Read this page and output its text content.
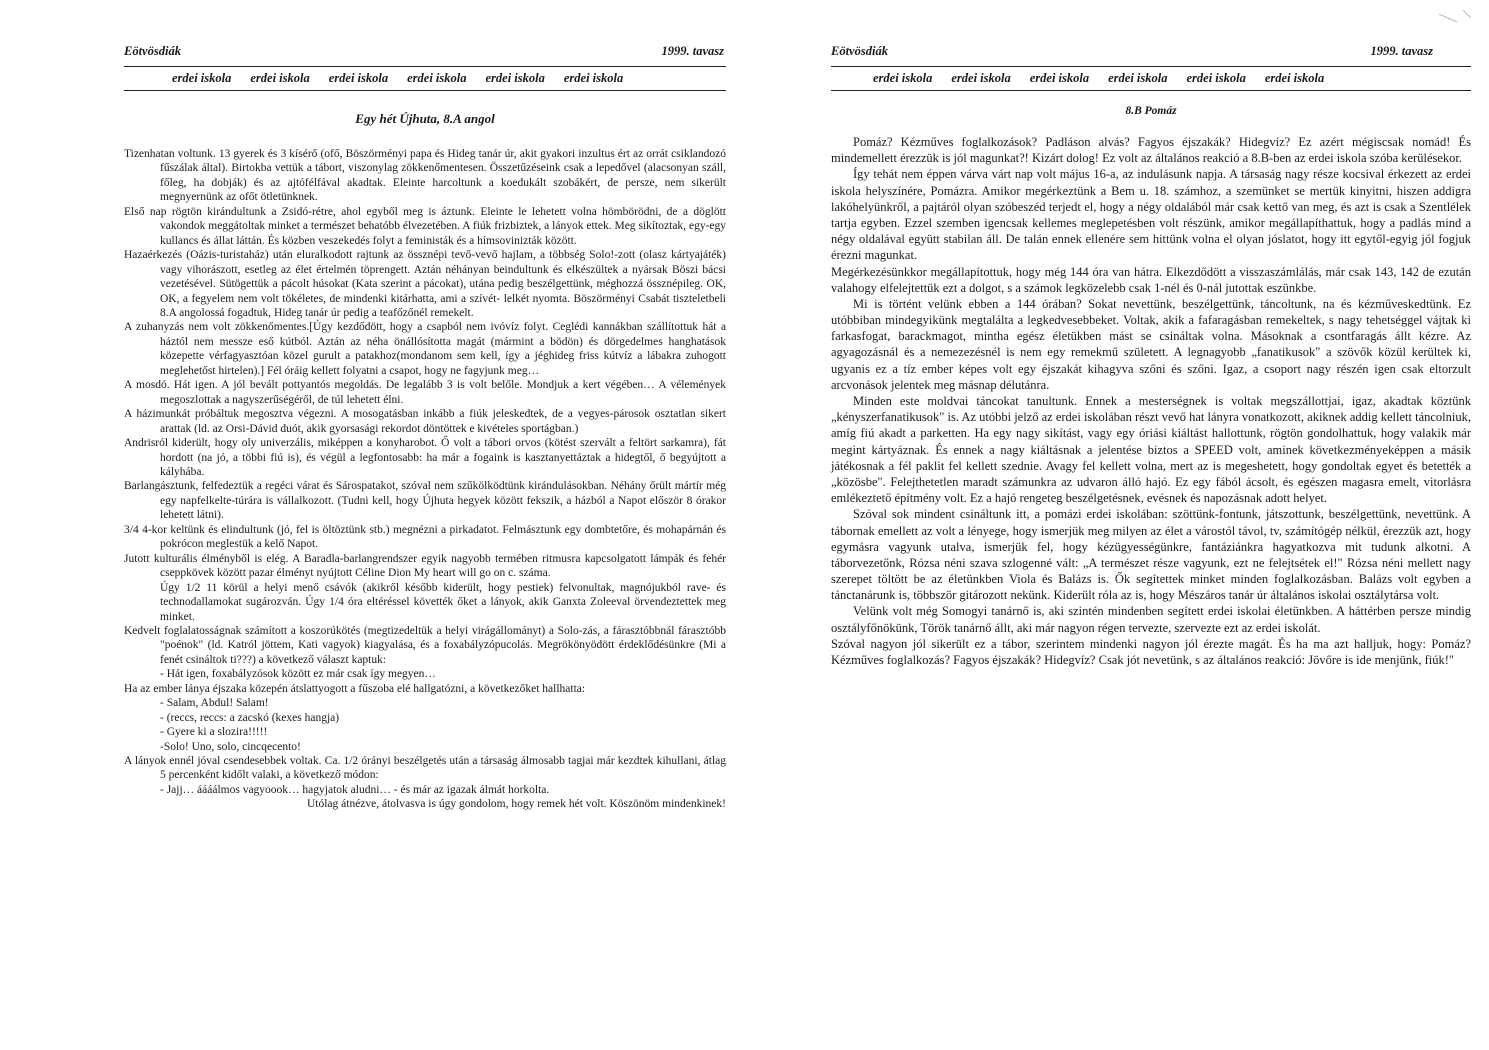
Eötvösdiák	1999. tavasz
erdei iskola erdei iskola erdei iskola erdei iskola erdei iskola erdei iskola
Egy hét Újhuta, 8.A angol

Tizenhatan voltunk. 13 gyerek és 3 kísérő (ofő, Böszörményi papa és Hideg tanár úr, akit gyakori inzultus ért az orrát csiklandozó fűszálak által). Birtokba vettük a tábort, viszonylag zökkenőmentesen. Összetűzéseink csak a lepedővel (alacsonyan száll, főleg, ha dobják) és az ajtófélfával akadtak. Eleinte harcoltunk a koedukált szobákért, de persze, nem sikerült megnyernünk az ofőt ötletünknek.

Első nap rögtön kirándultunk a Zsidó-rétre, ahol egyből meg is áztunk. Eleinte le lehetett volna hömbörödni, de a döglött vakondok meggátoltak minket a természet behatóbb élvezetében. A fiúk frizbiztek, a lányok ettek. Meg sikítoztak, egy-egy kullancs és állat láttán. És közben veszekedés folyt a feministák és a hímsovinizták között.

Hazaérkezés (Oázis-turistaház) után eluralkodott rajtunk az össznépi tevő-vevő hajlam, a többség Solo!-zott (olasz kártyajáték) vagy vihorászott, esetleg az élet értelmén töprengett. Aztán néhányan beindultunk és elkészültek a nyársak Böszi bácsi vezetésével. Sütögettük a pácolt húsokat (Kata szerint a pácokat), utána pedig beszélgettünk, méghozzá össznépileg. OK, OK, a fegyelem nem volt tökéletes, de mindenki kitárhatta, ami a szívét- lelkét nyomta. Böszörményi Csabát tiszteletbeli 8.A angolossá fogadtuk, Hideg tanár úr pedig a teafőzőnél remekelt.

A zuhanyzás nem volt zökkenőmentes.[Úgy kezdődött, hogy a csapból nem ivóvíz folyt. Ceglédi kannákban szállítottuk hát a háztól nem messze eső kútból. Aztán az néha önállósította magát (mármint a bödön) és dörgedelmes hanghatások közepette vérfagyasztóan közel gurult a patakhoz(mondanom sem kell, így a jéghideg friss kútvíz a lábakra zuhogott meglehetőst hirtelen).] Fél óráig kellett folyatni a csapot, hogy ne fagyjunk meg…

A mosdó. Hát igen. A jól bevált pottyantós megoldás. De legalább 3 is volt belőle. Mondjuk a kert végében… A vélemények megoszlottak a nagyszerűségéről, de túl lehetett élni.

A házimunkát próbáltuk megosztva végezni. A mosogatásban inkább a fiúk jeleskedtek, de a vegyes-párosok osztatlan sikert arattak (ld. az Orsi-Dávid duót, akik gyorsasági rekordot döntöttek e kivételes sportágban.)

Andrisról kiderült, hogy oly univerzális, miképpen a konyharobot. Ő volt a tábori orvos (kötést szervált a feltört sarkamra), fát hordott (na jó, a többi fiú is), és végül a legfontosabb: ha már a fogaink is kasztanyettáztak a hidegtől, ő begyújtott a kályhába.

Barlangásztunk, felfedeztük a regéci várat és Sárospatakot, szóval nem szűkölködtünk kirándulásokban. Néhány őrült mártír még egy napfelkelte-túrára is vállalkozott. (Tudni kell, hogy Újhuta hegyek között fekszik, a házból a Napot először 8 órakor lehetett látni).

3/4 4-kor keltünk és elindultunk (jó, fel is öltöztünk stb.) megnézni a pirkadatot. Felmásztunk egy dombtetőre, és mohapárnán és pokrócon meglestük a kelő Napot.

Jutott kulturális élményből is elég. A Baradla-barlangrendszer egyik nagyobb termében ritmusra kapcsolgatott lámpák és fehér cseppkövek között pazar élményt nyújtott Céline Dion My heart will go on c. száma.

Úgy 1/2 11 körül a helyi menő csávók (akikről később kiderült, hogy pestiek) felvonultak, magnójukból rave- és technodallamokat sugározván. Úgy 1/4 óra eltéréssel követték őket a lányok, akik Ganxta Zoleeval örvendeztettek meg minket.

Kedvelt foglalatosságnak számított a koszorúkötés (megtizedeltük a helyi virágállományt) a Solo-zás, a fárasztóbbnál fárasztóbb "poénok" (ld. Katról jöttem, Kati vagyok) kiagyalása, és a foxabályzópucolás. Megrökönyödött érdeklődésünkre (Mi a fenét csináltok ti???) a következő választ kaptuk:

- Hát igen, foxabályzósok között ez már csak így megyen…

Ha az ember lánya éjszaka közepén átslattyogott a fűszoba elé hallgatózni, a következőket hallhatta:

- Salam, Abdul! Salam!

- (reccs, reccs: a zacskó (kexes hangja)

- Gyere ki a slozira!!!!!

-Solo! Uno, solo, cincqecento!

A lányok ennél jóval csendesebbek voltak. Ca. 1/2 órányi beszélgetés után a társaság álmosabb tagjai már kezdtek kihullani, átlag 5 percenként kidőlt valaki, a következő módon:

- Jajj… áááálmos vagyoook… hagyjatok aludni… - és már az igazak álmát horkolta.

Utólag átnézve, átolvasva is úgy gondolom, hogy remek hét volt. Köszönöm mindenkinek!

Eötvösdiák	1999. tavasz
erdei iskola erdei iskola erdei iskola erdei iskola erdei iskola erdei iskola
8.B Pomáz

Pomáz? Kézműves foglalkozások? Padláson alvás? Fagyos éjszakák? Hidegvíz? Ez azért mégiscsak nomád! És mindemellett érezzük is jól magunkat?! Kizárt dolog! Ez volt az általános reakció a 8.B-ben az erdei iskola szóba kerülésekor.

Így tehát nem éppen várva várt nap volt május 16-a, az indulásunk napja. A társaság nagy része kocsival érkezett az erdei iskola helyszínére, Pomázra. Amikor megérkeztünk a Bem u. 18. számhoz, a szemünket se mertük kinyitni, hiszen addigra lakóhelyünkről, a pajtáról olyan szóbeszéd terjedt el, hogy a négy oldalából már csak kettő van meg, és azt is csak a Szentlélek tartja egyben. Ezzel szemben igencsak kellemes meglepetésben volt részünk, amikor megállapíthattuk, hogy a padlás mind a négy oldalával együtt stabilan áll. De talán ennek ellenére sem hittünk volna el olyan jóslatot, hogy itt egytől-egyig jól fogjuk érezni magunkat.

Megérkezésünkkor megállapítottuk, hogy még 144 óra van hátra. Elkezdődött a visszaszámlálás, már csak 143, 142 de ezután valahogy elfelejtettük ezt a dolgot, s a számok legközelebb csak 1-nél és 0-nál jutottak eszünkbe.

Mi is történt velünk ebben a 144 órában? Sokat nevettünk, beszélgettünk, táncoltunk, na és kézműveskedtünk. Ez utóbbiban mindegyikünk megtalálta a legkedvesebbeket. Voltak, akik a fafaragásban remekeltek, s nagy tehetséggel vájtak ki farkasfogat, barackmagot, mintha egész életükben mást se csináltak volna. Másoknak a csontfaragás állt kézre. Az agyagozásnál és a nemezezésnél is nem egy remekmű született. A legnagyobb „fanatikusok" a szövők közül kerültek ki, ugyanis ez a tíz ember képes volt egy éjszakát kihagyva szőni és szőni. Igaz, a csoport nagy részén igen csak eltorzult arcvonások jelentek meg másnap délutánra.

Minden este moldvai táncokat tanultunk. Ennek a mesterségnek is voltak megszállottjai, igaz, akadtak köztünk „kényszerfanatikusok" is. Az utóbbi jelző az erdei iskolában részt vevő hat lányra vonatkozott, akiknek addig kellett táncolniuk, amíg fiú akadt a parketten. Ha egy nagy sikítást, vagy egy óriási kiáltást hallottunk, rögtön gondolhattuk, hogy valakik már megint kártyáznak. És ennek a nagy kiáltásnak a jelentése biztos a SPEED volt, aminek következményeképpen a másik játékosnak a fél paklit fel kellett szednie. Avagy fel kellett volna, mert az is megeshetett, hogy gondoltak egyet és betették a „közösbe". Felejthetetlen maradt számunkra az udvaron álló hajó. Ez egy fából ácsolt, és egészen magasra emelt, vitorlásra emlékeztető építmény volt. Ez a hajó rengeteg beszélgetésnek, evésnek és napozásnak adott helyet.

Szóval sok mindent csináltunk itt, a pomázi erdei iskolában: szöttünk-fontunk, játszottunk, beszélgettünk, nevettünk. A tábornak emellett az volt a lényege, hogy ismerjük meg milyen az élet a várostól távol, tv, számítógép nélkül, érezzük azt, hogy egymásra vagyunk utalva, ismerjük fel, hogy kézügyességünkre, fantáziánkra hagyatkozva mit tudunk alkotni. A táborvezetőnk, Rózsa néni szava szlogenné vált: „A természet része vagyunk, ezt ne felejtsétek el!" Rózsa néni mellett nagy szerepet töltött be az életünkben Viola és Balázs is. Ők segítettek minket minden foglalkozásban. Balázs volt egyben a tánctanárunk is, többször gitározott nekünk. Kiderült róla az is, hogy Mészáros tanár úr általános iskolai osztálytársa volt.

Velünk volt még Somogyi tanárnő is, aki szintén mindenben segített erdei iskolai életünkben. A háttérben persze mindig osztályfőnökünk, Török tanárnő állt, aki már nagyon régen tervezte, szervezte ezt az erdei iskolát.

Szóval nagyon jól sikerült ez a tábor, szerintem mindenki nagyon jól érezte magát. És ha ma azt halljuk, hogy: Pomáz? Kézműves foglalkozás? Fagyos éjszakák? Hidegvíz? Csak jót nevetünk, s az általános reakció: Jövőre is ide menjünk, fiúk!"
